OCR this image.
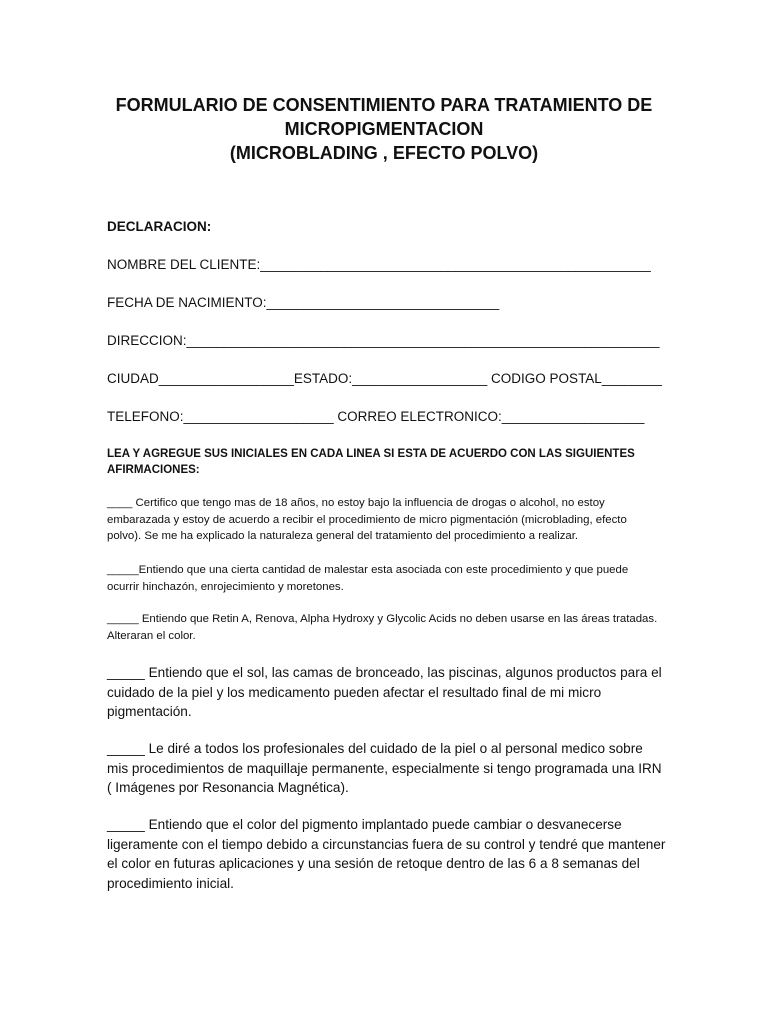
FORMULARIO DE CONSENTIMIENTO PARA TRATAMIENTO DE
MICROPIGMENTACION
(MICROBLADING , EFECTO POLVO)
DECLARACION:
NOMBRE DEL CLIENTE:____________________________________________________
FECHA DE NACIMIENTO:_______________________________
DIRECCION:_______________________________________________________________
CIUDAD__________________ESTADO:__________________ CODIGO POSTAL________
TELEFONO:____________________ CORREO ELECTRONICO:___________________
LEA Y AGREGUE SUS INICIALES EN CADA LINEA SI ESTA DE ACUERDO CON LAS SIGUIENTES AFIRMACIONES:
____ Certifico que tengo mas de 18 años, no estoy bajo la influencia de drogas o alcohol, no estoy embarazada y estoy de acuerdo a recibir el procedimiento de micro pigmentación (microblading, efecto polvo). Se me ha explicado la naturaleza general del tratamiento del procedimiento a realizar.
_____Entiendo que una cierta cantidad de malestar esta asociada con este procedimiento y que puede ocurrir hinchazón, enrojecimiento y moretones.
_____ Entiendo que Retin A, Renova, Alpha Hydroxy y Glycolic Acids no deben usarse en las áreas tratadas. Alteraran el color.
_____ Entiendo que el sol, las camas de bronceado, las piscinas, algunos productos para el cuidado de la piel y los medicamento pueden afectar el resultado final de mi micro pigmentación.
_____ Le diré a todos los profesionales del cuidado de la piel o al personal medico sobre mis procedimientos de maquillaje permanente, especialmente si tengo programada una IRN ( Imágenes por Resonancia Magnética).
_____ Entiendo que el color del pigmento implantado puede cambiar o desvanecerse ligeramente con el tiempo debido a circunstancias fuera de su control y tendré que mantener el color en futuras aplicaciones y una sesión de retoque dentro de las 6 a 8 semanas del procedimiento inicial.
